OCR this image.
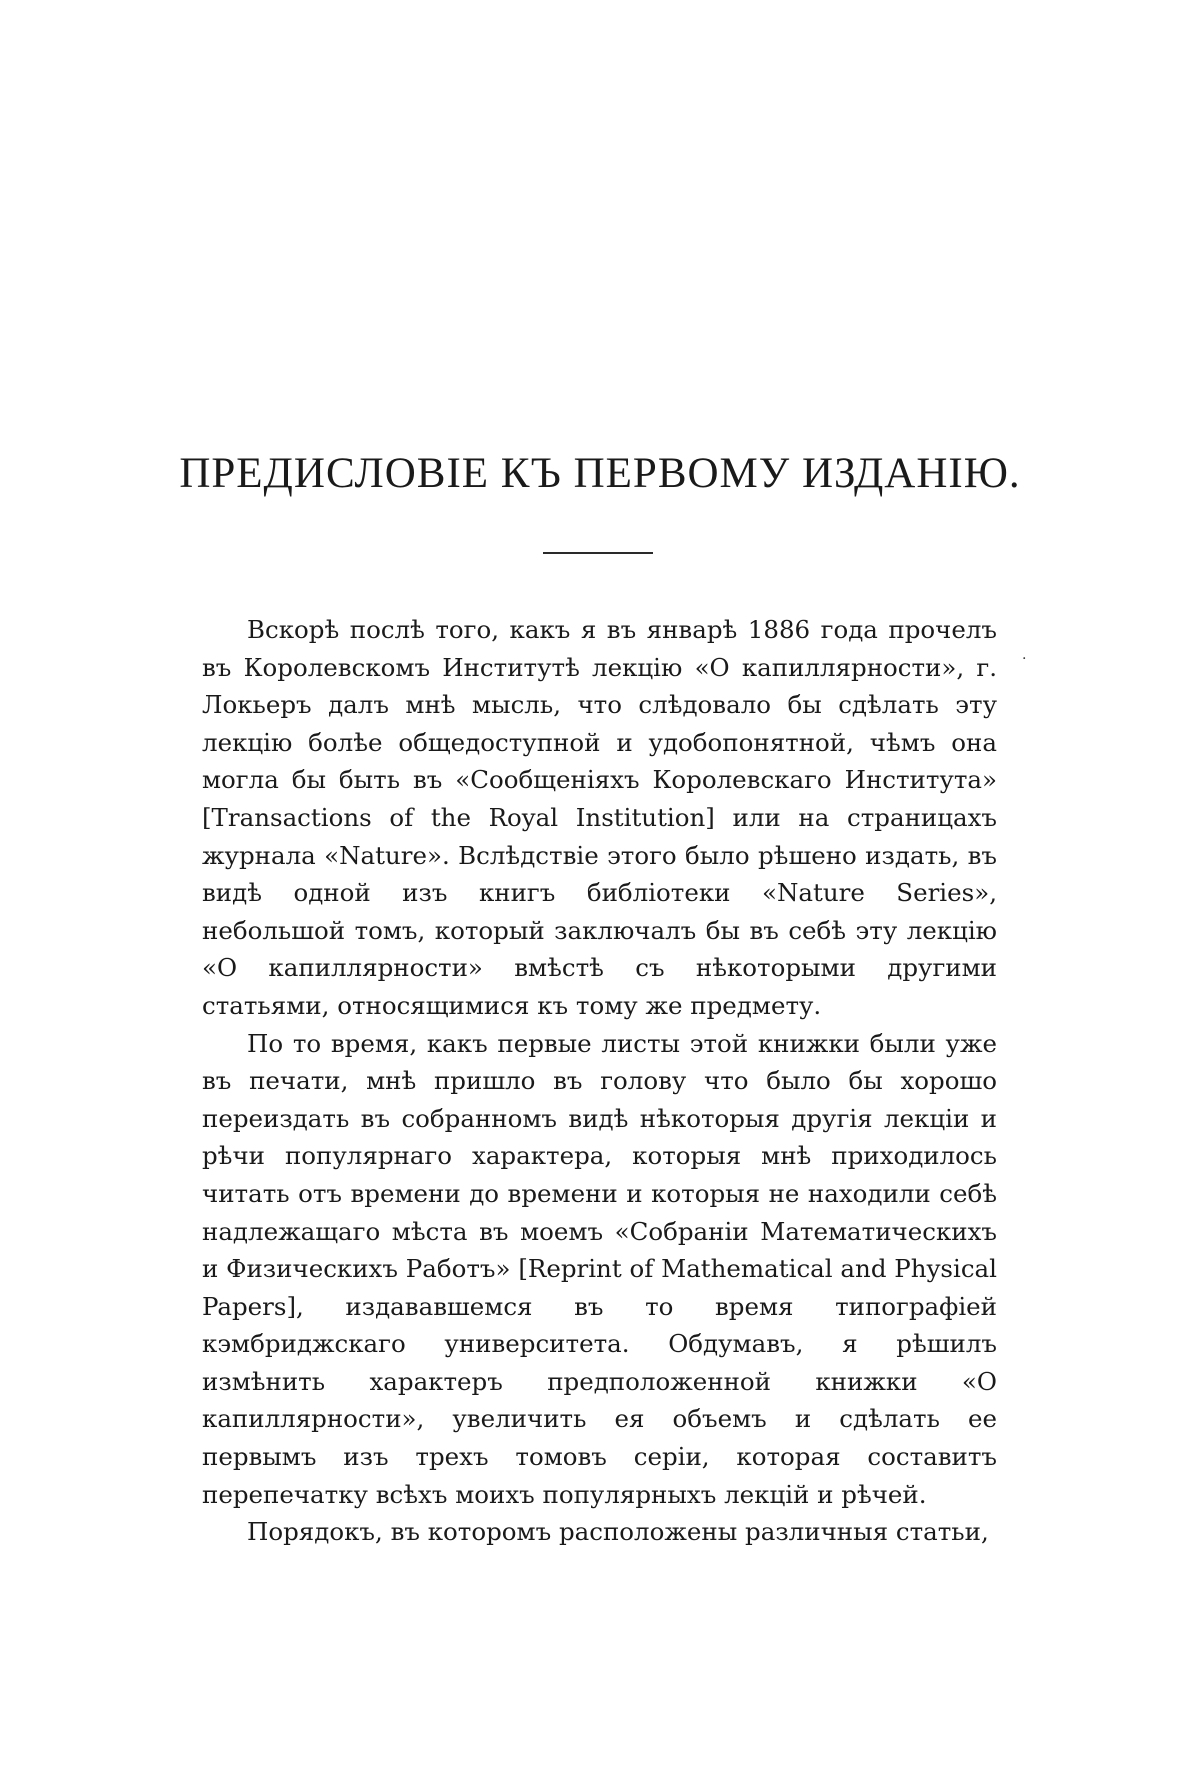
ПРЕДИСЛОВІЕ КЪ ПЕРВОМУ ИЗДАНІЮ.

Вскорѣ послѣ того, какъ я въ январѣ 1886 года прочелъ въ Королевскомъ Институтѣ лекцію «О капиллярности», г. Локьеръ далъ мнѣ мысль, что слѣдовало бы сдѣлать эту лекцію болѣе общедоступной и удобопонятной, чѣмъ она могла бы быть въ «Сообщеніяхъ Королевскаго Института» [Transactions of the Royal Institution] или на страницахъ журнала «Nature». Вслѣдствіе этого было рѣшено издать, въ видѣ одной изъ книгъ библіотеки «Nature Series», небольшой томъ, который заключалъ бы въ себѣ эту лекцію «О капиллярности» вмѣстѣ съ нѣкоторыми другими статьями, относящимися къ тому же предмету.

По то время, какъ первые листы этой книжки были уже въ печати, мнѣ пришло въ голову что было бы хорошо переиздать въ собранномъ видѣ нѣкоторыя другія лекціи и рѣчи популярнаго характера, которыя мнѣ приходилось читать отъ времени до времени и которыя не находили себѣ надлежащаго мѣста въ моемъ «Собраніи Математическихъ и Физическихъ Работъ» [Reprint of Mathematical and Physical Papers], издававшемся въ то время типографіей кэмбриджскаго университета. Обдумавъ, я рѣшилъ измѣнить характеръ предположенной книжки «О капиллярности», увеличить ея объемъ и сдѣлать ее первымъ изъ трехъ томовъ серіи, которая составитъ перепечатку всѣхъ моихъ популярныхъ лекцій и рѣчей.

Порядокъ, въ которомъ расположены различныя статьи,

.
